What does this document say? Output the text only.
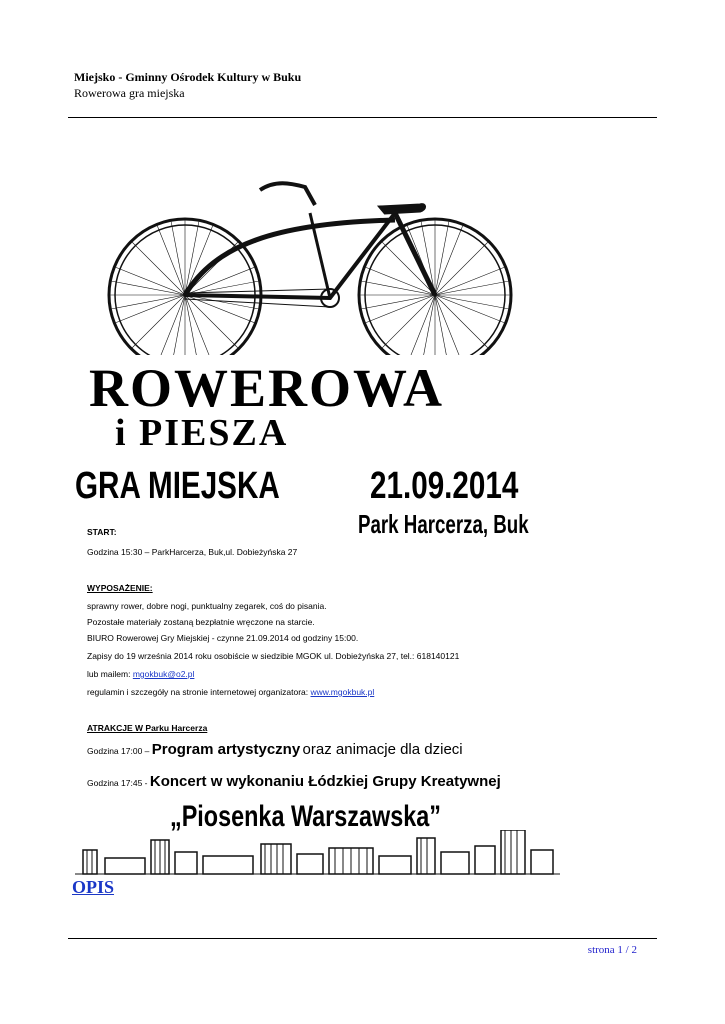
Miejsko - Gminny Ośrodek Kultury w Buku
Rowerowa gra miejska
ROWEROWA
i PIESZA
GRA MIEJSKA 21.09.2014
Park Harcerza, Buk
START:
Godzina 15:30 – ParkHarcerza, Buk,ul. Dobieżyńska 27
WYPOSAŻENIE:
sprawny rower, dobre nogi, punktualny zegarek, coś do pisania.
Pozostałe materiały zostaną bezpłatnie wręczone na starcie.
BIURO Rowerowej Gry Miejskiej - czynne 21.09.2014 od godziny 15:00.
Zapisy do 19 września 2014 roku osobiście w siedzibie MGOK ul. Dobieżyńska 27, tel.: 618140121
lub mailem: mgokbuk@o2.pl
regulamin i szczegóły na stronie internetowej organizatora: www.mgokbuk.pl
ATRAKCJE W Parku Harcerza
Godzina 17:00 – Program artystyczny oraz animacje dla dzieci
Godzina 17:45 - Koncert w wykonaniu Łódzkiej Grupy Kreatywnej
„Piosenka Warszawska”
OPIS
strona 1 / 2
